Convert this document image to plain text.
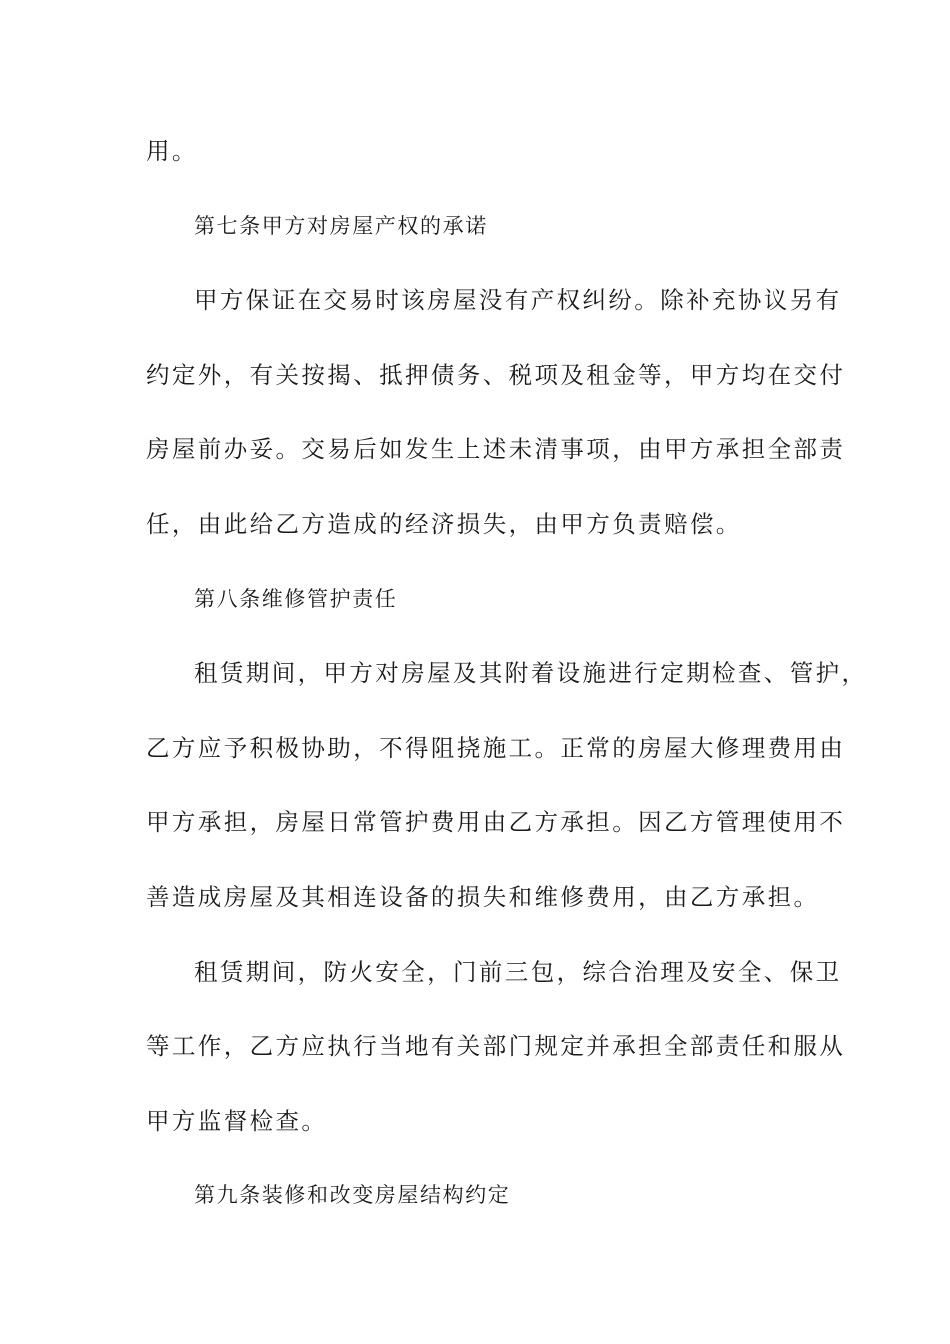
用。
第七条甲方对房屋产权的承诺
甲方保证在交易时该房屋没有产权纠纷。除补充协议另有
约定外，有关按揭、抵押债务、税项及租金等，甲方均在交付
房屋前办妥。交易后如发生上述未清事项，由甲方承担全部责
任，由此给乙方造成的经济损失，由甲方负责赔偿。
第八条维修管护责任
租赁期间，甲方对房屋及其附着设施进行定期检查、管护，
乙方应予积极协助，不得阻挠施工。正常的房屋大修理费用由
甲方承担，房屋日常管护费用由乙方承担。因乙方管理使用不
善造成房屋及其相连设备的损失和维修费用，由乙方承担。
租赁期间，防火安全，门前三包，综合治理及安全、保卫
等工作，乙方应执行当地有关部门规定并承担全部责任和服从
甲方监督检查。
第九条装修和改变房屋结构约定
